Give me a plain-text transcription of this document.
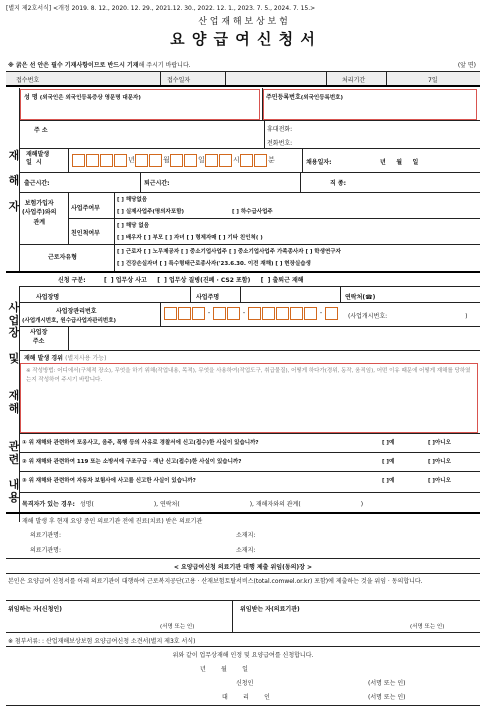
[별지 제2호서식] <개정 2019. 8. 12., 2020. 12. 29., 2021.12. 30., 2022. 12. 1., 2023. 7. 5., 2024. 7. 15.>
산 업 재 해 보 상 보 험
요 양 급 여 신 청 서
※ 굵은 선 안은 필수 기재사항이므로 반드시 기재해 주시기 바랍니다.	(앞 면)
접수번호	접수일자	처리기간	7일
재

해

자
성 명 (외국인은 외국인등록증상 영문명 대문자)	주민등록번호(외국인등록번호)
주 소	휴대전화:
전화번호:
재해발생
일  시	년	월	일	시	분	채용일자:	년     월     일
출근시간:	퇴근시간:	직 종:
보험가입자
(사업주)와의
관계
사업주여부
[ ] 해당없음
[ ] 실제사업주(명의자포함)	[ ] 하수급사업주
친인척여부
[ ] 해당 없음
[ ] 배우자 [ ] 부모 [ ] 자녀 [ ] 형제자매 [ ] 기타 친인척( )
근로자유형
[ ] 근로자 [ ] 노무제공자 [ ] 중소기업사업주 [ ] 중소기업사업주 가족종사자 [ ] 학생연구자
[ ] 건강손실자녀 [ ] 특수형태근로종사자('23.6.30. 이전 재해) [ ] 현장실습생
신청 구분:	[  ] 업무상 사고     [  ] 업무상 질병(진폐 · CS2 포함)     [  ] 출퇴근 재해
사업장명	사업주명	연락처(☎)
사업장관리번호
(사업개시번호, 원수급사업자관리번호)
-	-	-	(사업개시번호:	)
사업장
주소
사
업
장

및

재
해

관
련

내
용
재해 발생 경위 (별지사용 가능)
※ 작성방법: 어디에서(구체적 장소), 무엇을 하기 위해(작업내용, 목적), 무엇을 사용하여(작업도구, 취급물질), 어떻게 하다가(경위, 동작, 움직임), 어떤 이유 때문에 어떻게 재해를 당하였는지 작성하여 주시기 바랍니다.
① 위 재해와 관련하여 포옹사고, 음주, 폭행 등의 사유로 경찰서에 신고(접수)한 사실이 있습니까?	[ ]예	[ ]아니오
② 위 재해와 관련하여 119 또는 소방서에 구조구급 · 재난 신고(접수)한 사실이 있습니까?	[ ]예	[ ]아니오
③ 위 재해와 관련하여 자동차 보험사에 사고를 신고한 사실이 있습니까?	[ ]예	[ ]아니오
목격자가 있는 경우: 성명(	), 연락처(	), 재해자와의 관계(	)
재해 발생 후 현재 요양 중인 의료기관 전에 진료(치료) 받은 의료기관
의료기관명:	소재지:
의료기관명:	소재지:
< 요양급여신청 의료기관 대행 제출 위임(동의)장 >
본인은 요양급여 신청서를 아래 의료기관이 대행하여 근로복지공단(고용 · 산재보험토탈서비스(total.comwel.or.kr) 포함)에 제출하는 것을 위임 · 동의합니다.
위임하는 자(신청인)	위임받는 자(의료기관)
(서명 또는 인)	(서명 또는 인)
※ 첨부서류: : 산업재해보상보험 요양급여신청 소견서(별지 제3호 서식)
위와 같이 업무상재해 인정 및 요양급여를 신청합니다.
년        월        일
신청인	(서명 또는 인)
대        리        인	(서명 또는 인)
